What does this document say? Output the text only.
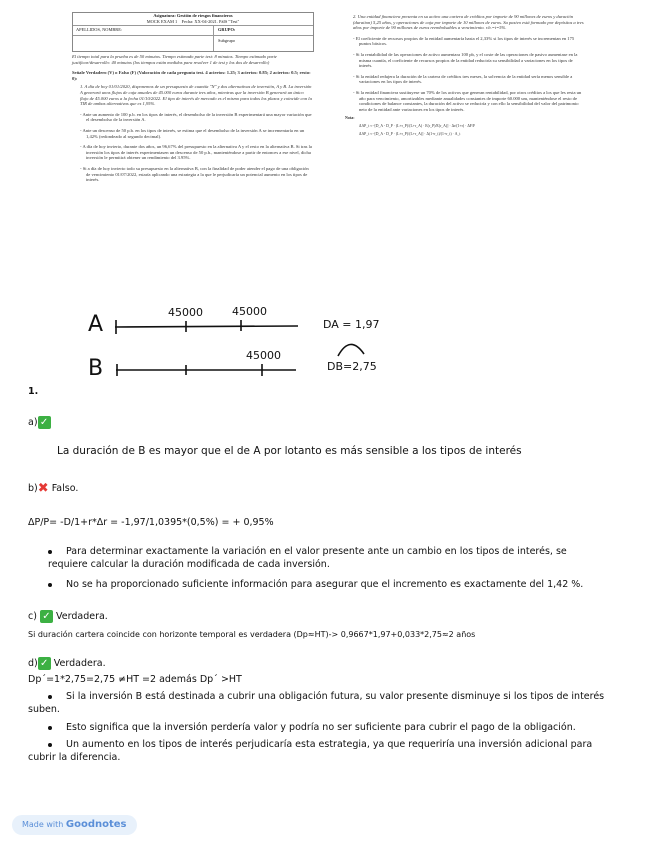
Asignatura: Gestión de riesgos financieros
MOCK EXAM 1 Fecha: XX-04-2021. PáIS "Test"
APELLIDOS, NOMBRE:	GRUPO:
Subgrupo

El tiempo total para la prueba es de 50 minutos. Tiempo estimado parte test: 8 minutos. Tiempo estimado parte justificar/desarrollo: 40 minutos (los tiempos están medidos para resolver 1 de test y los dos de desarrollo)

Señale Verdadero (V) o Falso (F) (Valoración de cada pregunta test. 4 aciertos: 1.25; 3 aciertos: 0.85; 2 aciertos: 0.5; resto: 0):

1. A día de hoy 01/01/2020, disponemos de un presupuesto de cuantía "N" y dos alternativas de inversión, A y B. La inversión A generará unos flujos de caja anuales de 45.000 euros durante tres años, mientras que la inversión B generará un único flujo de 45.000 euros a la fecha 01/10/2022. El tipo de interés de mercado es el mismo para todos los plazos y coincide con la TIR de ambas alternativas que es 1,95%.

- Ante un aumento de 100 p.b. en los tipos de interés, el desembolso de la inversión B experimentará una mayor variación que el desembolso de la inversión A.

- Ante un descenso de 50 p.b. en los tipos de interés, se estima que el desembolso de la inversión A se incrementaría en un 1,42% (redondeado al segundo decimal).

- A día de hoy invierto, durante dos años, un 96,67% del presupuesto en la alternativa A y el resto en la alternativa B. Si tras la inversión los tipos de interés experimentasen un descenso de 50 p.b., manteniéndose a partir de entonces a ese nivel, dicha inversión le permitirá obtener un rendimiento del 3.95%.

- Si a día de hoy invierto todo su presupuesto en la alternativa B, con la finalidad de poder atender el pago de una obligación de vencimiento 01/07/2022, estaría aplicando una estrategia a la que le perjudicaría un potencial aumento en los tipos de interés.

2. Una entidad financiera presenta en su activo una cartera de créditos por importe de 90 millones de euros y duración (duration) 5,25 años, y operaciones de caja por importe de 10 millones de euros. Su pasivo está formado por depósitos a tres años por importe de 90 millones de euros reembolsables a vencimiento. r.b.=i=5%.

- El coeficiente de recursos propios de la entidad aumentaría hasta el 2,33% si los tipos de interés se incrementan en 175 puntos básicos.

- Si la rentabilidad de las operaciones de activo aumentara 100 pb, y el coste de las operaciones de pasivo aumentase en la misma cuantía, el coeficiente de recursos propios de la entidad reduciría su sensibilidad a variaciones en los tipos de interés.

- Si la entidad redujera la duración de la cartera de créditos tres meses, la solvencia de la entidad sería menos sensible a variaciones en los tipos de interés.

- Si la entidad financiera sustituyese un 70% de los activos que generan rentabilidad, por otros créditos a los que les resta un año para vencimiento, amortizables mediante anualidades constantes de importe 60.000 um, manteniéndose el resto de condiciones de balance constantes, la duración del activo se reduciría y con ello la sensibilidad del valor del patrimonio neto de la entidad ante variaciones en los tipos de interés.

Nota:

ΔAP_t ≈ -[D_A - D_P · (L+r_P)/(L+r_A) · E(r_P)/E(r_A)] · Δr/(1+r) · ΔF/F

ΔAP_t ≈ -[D_A - D_P · (L+r_P)/(L+r_A)] · Δ(1+r_t)/(1+r_t) · A_t

A
B
45000	45000
45000
DA = 1,97
DB=2,75
1.
a) ✓
La duración de B es mayor que el de A por lotanto es más sensible a los tipos de interés
b)✖ Falso.
ΔP/P= -D/1+r*Δr = -1,97/1,0395*(0,5%) = + 0,95%
Para determinar exactamente la variación en el valor presente ante un cambio en los tipos de interés, se requiere calcular la duración modificada de cada inversión.
No se ha proporcionado suficiente información para asegurar que el incremento es exactamente del 1,42 %.
c) ✓ Verdadera.
Si duración cartera coincide con horizonte temporal es verdadera (Dp≈HT)-> 0,9667*1,97+0,033*2,75≈2 años
d) ✓ Verdadera.
Dp´=1*2,75=2,75 ≠HT =2 además Dp´ >HT
Si la inversión B está destinada a cubrir una obligación futura, su valor presente disminuye si los tipos de interés suben.
Esto significa que la inversión perdería valor y podría no ser suficiente para cubrir el pago de la obligación.
Un aumento en los tipos de interés perjudicaría esta estrategia, ya que requeriría una inversión adicional para cubrir la diferencia.
Made with Goodnotes
